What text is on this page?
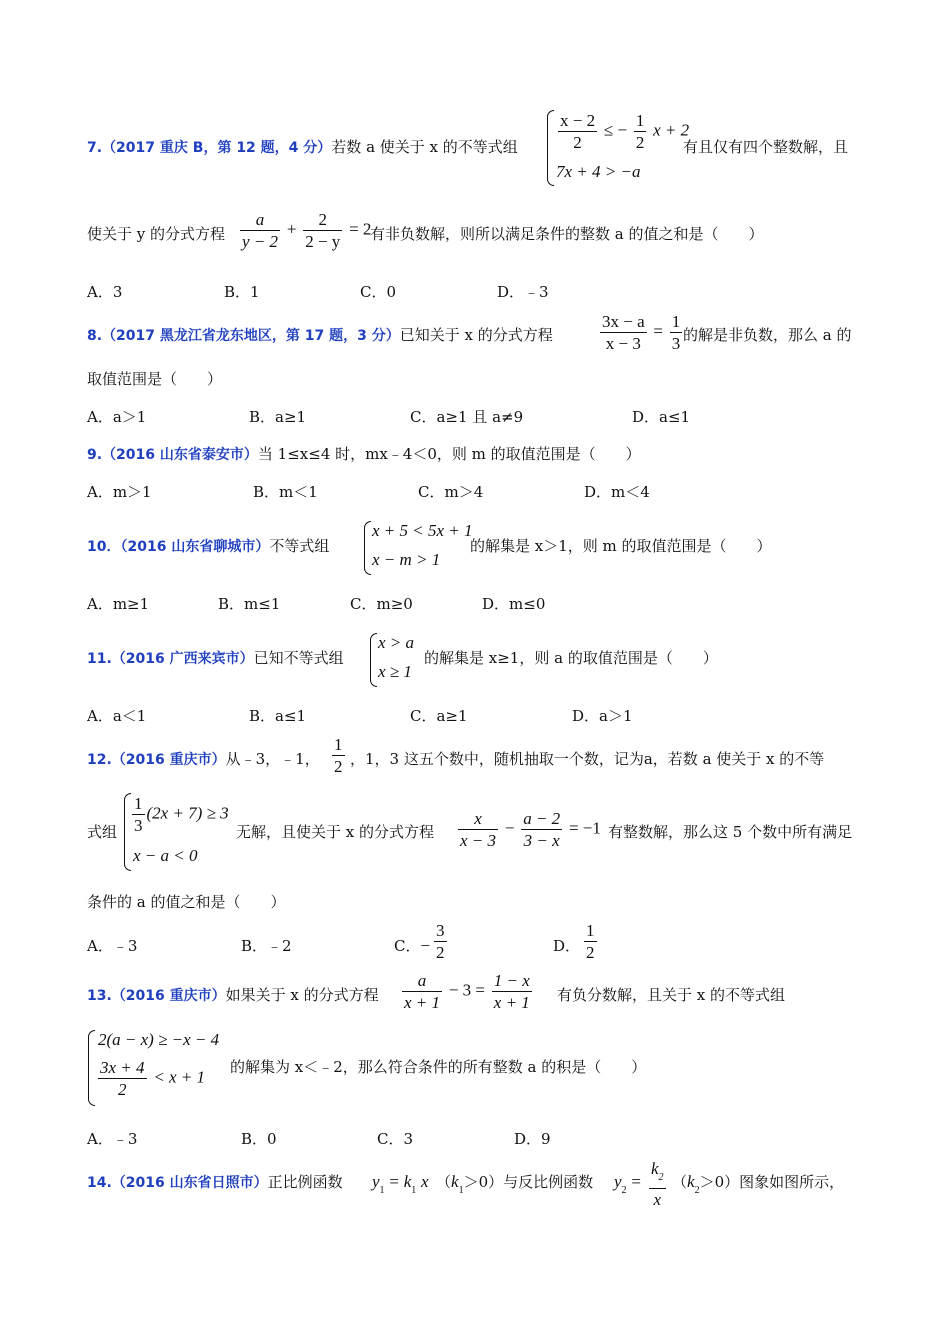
7.（2017 重庆 B，第 12 题，4 分）若数 a 使关于 x 的不等式组 $\frac{x - 2}{2}$ ≤ − $\frac{1}{2}$ x + 2
7x + 4 > −a
有且仅有四个整数解，且
使关于 y 的分式方程 $\frac{a}{y - 2} + \frac{2}{2 - y} = 2$
有非负数解，则所以满足条件的整数 a 的值之和是（　　）
A．3	B．1	C．0	D．﹣3
8.（2017 黑龙江省龙东地区，第 17 题，3 分）已知关于 x 的分式方程	$\frac{3x - a}{x - 3} = \frac{1}{3}$ 的解是非负数，那么 a 的
取值范围是（　　）
A．a＞1	B．a≥1	C．a≥1 且 a≠9	D．a≤1
9.（2016 山东省泰安市）当 1≤x≤4 时，mx﹣4＜0，则 m 的取值范围是（　　）
A．m＞1	B．m＜1	C．m＞4	D．m＜4
10．（2016 山东省聊城市）不等式组
x + 5 < 5x + 1
x − m > 1
的解集是 x＞1，则 m 的取值范围是（　　）
A．m≥1	B．m≤1	C．m≥0	D．m≤0
11.（2016 广西来宾市）已知不等式组
x > a
x ≥ 1
的解集是 x≥1，则 a 的取值范围是（　　）
A．a＜1	B．a≤1	C．a≥1	D．a＞1
12.（2016 重庆市）从﹣3，﹣1， $\frac{1}{2}$ ，1，3 这五个数中，随机抽取一个数，记为a，若数 a 使关于 x 的不等
式组 $\frac{1}{3} (2x + 7) \ge 3$
x − a < 0
无解，且使关于 x 的分式方程 $\frac{x}{x - 3} - \frac{a - 2}{3 - x} = -1$ 有整数解，那么这 5 个数中所有满足
条件的 a 的值之和是（　　）
A．﹣3	B．﹣2	C．− $\frac{3}{2}$	D． $\frac{1}{2}$
13.（2016 重庆市）如果关于 x 的分式方程 $\frac{a}{x + 1} - 3 = \frac{1 - x}{x + 1}$ 有负分数解，且关于 x 的不等式组
2(a − x) ≥ −x − 4
$\frac{3x + 4}{2} < x + 1$
的解集为 x＜﹣2，那么符合条件的所有整数 a 的积是（　　）
A．﹣3	B．0	C．3	D．9
14.（2016 山东省日照市）正比例函数 $y_1 = k_1$ x $(k_1>0)$与反比例函数 $y_2 = \frac{k_2}{x} (k_2>0)$图象如图所示，
